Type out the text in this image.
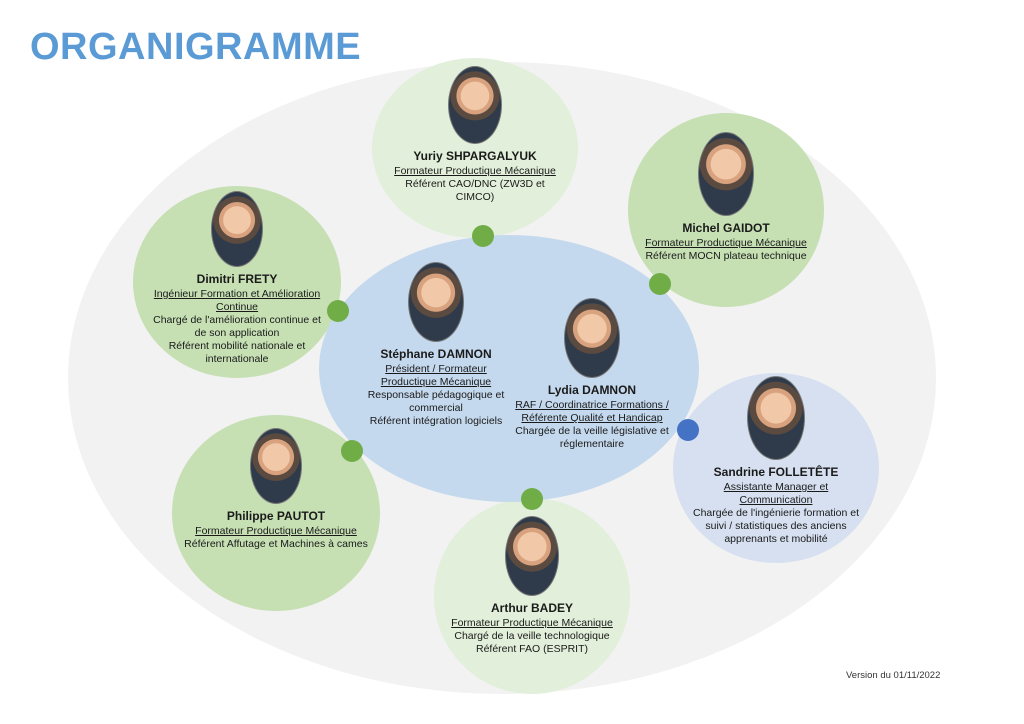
ORGANIGRAMME
Yuriy SHPARGALYUK
Formateur Productique Mécanique
Référent CAO/DNC (ZW3D et CIMCO)
Michel GAIDOT
Formateur Productique Mécanique
Référent MOCN plateau technique
Dimitri FRETY
Ingénieur Formation et Amélioration Continue
Chargé de l'amélioration continue et de son application
Référent mobilité nationale et internationale	Stéphane DAMNON
Président / Formateur Productique Mécanique
Responsable pédagogique et commercial
Référent intégration logiciels
Lydia DAMNON
RAF / Coordinatrice Formations / Référente Qualité et Handicap
Chargée de la veille législative et réglementaire
Sandrine FOLLETÊTE
Assistante Manager et Communication
Chargée de l'ingénierie formation et suivi / statistiques des anciens apprenants et mobilité
Philippe PAUTOT
Formateur Productique Mécanique
Référent Affutage et Machines à cames
Arthur BADEY
Formateur Productique Mécanique
Chargé de la veille technologique
Référent FAO (ESPRIT)
Version du 01/11/2022
